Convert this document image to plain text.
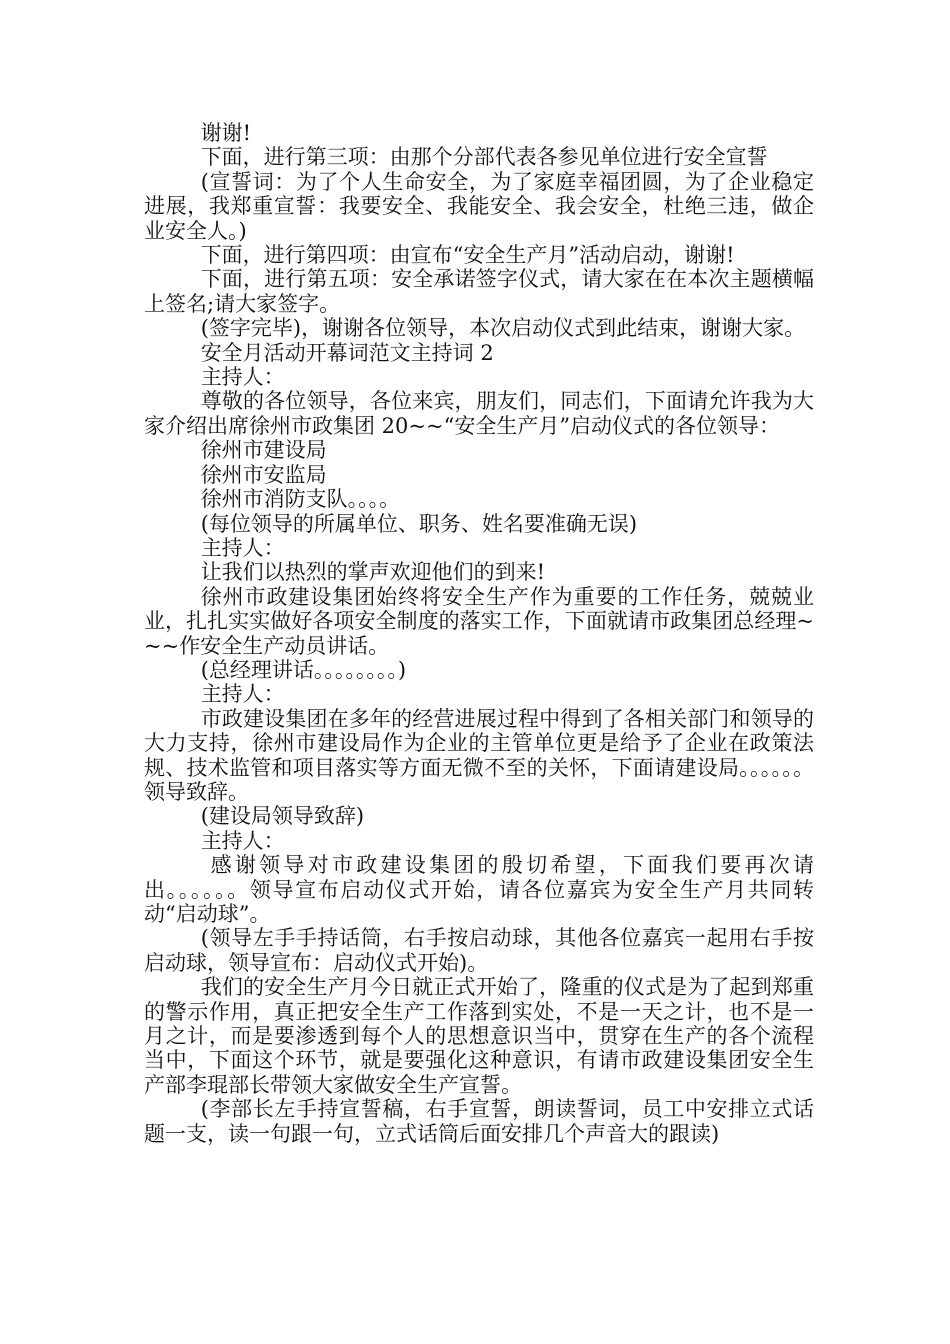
谢谢!

下面，进行第三项：由那个分部代表各参见单位进行安全宣誓

(宣誓词：为了个人生命安全，为了家庭幸福团圆，为了企业稳定进展，我郑重宣誓：我要安全、我能安全、我会安全，杜绝三违，做企业安全人。)

下面，进行第四项：由宣布“安全生产月”活动启动，谢谢!

下面，进行第五项：安全承诺签字仪式，请大家在在本次主题横幅上签名;请大家签字。

(签字完毕)，谢谢各位领导，本次启动仪式到此结束，谢谢大家。

安全月活动开幕词范文主持词 2

主持人：

尊敬的各位领导，各位来宾，朋友们，同志们，下面请允许我为大家介绍出席徐州市政集团 20~~“安全生产月”启动仪式的各位领导：

徐州市建设局

徐州市安监局

徐州市消防支队。。。。

(每位领导的所属单位、职务、姓名要准确无误)

主持人：

让我们以热烈的掌声欢迎他们的到来!

徐州市政建设集团始终将安全生产作为重要的工作任务，兢兢业业，扎扎实实做好各项安全制度的落实工作，下面就请市政集团总经理~~~作安全生产动员讲话。

(总经理讲话。。。。。。。。)

主持人：

市政建设集团在多年的经营进展过程中得到了各相关部门和领导的大力支持，徐州市建设局作为企业的主管单位更是给予了企业在政策法规、技术监管和项目落实等方面无微不至的关怀，下面请建设局。。。。。。领导致辞。

(建设局领导致辞)

主持人：

感谢领导对市政建设集团的殷切希望，下面我们要再次请出。。。。。。领导宣布启动仪式开始，请各位嘉宾为安全生产月共同转动“启动球”。

(领导左手手持话筒，右手按启动球，其他各位嘉宾一起用右手按启动球，领导宣布：启动仪式开始)。

我们的安全生产月今日就正式开始了，隆重的仪式是为了起到郑重的警示作用，真正把安全生产工作落到实处，不是一天之计，也不是一月之计，而是要渗透到每个人的思想意识当中，贯穿在生产的各个流程当中，下面这个环节，就是要强化这种意识，有请市政建设集团安全生产部李琨部长带领大家做安全生产宣誓。

(李部长左手持宣誓稿，右手宣誓，朗读誓词，员工中安排立式话题一支，读一句跟一句，立式话筒后面安排几个声音大的跟读)
